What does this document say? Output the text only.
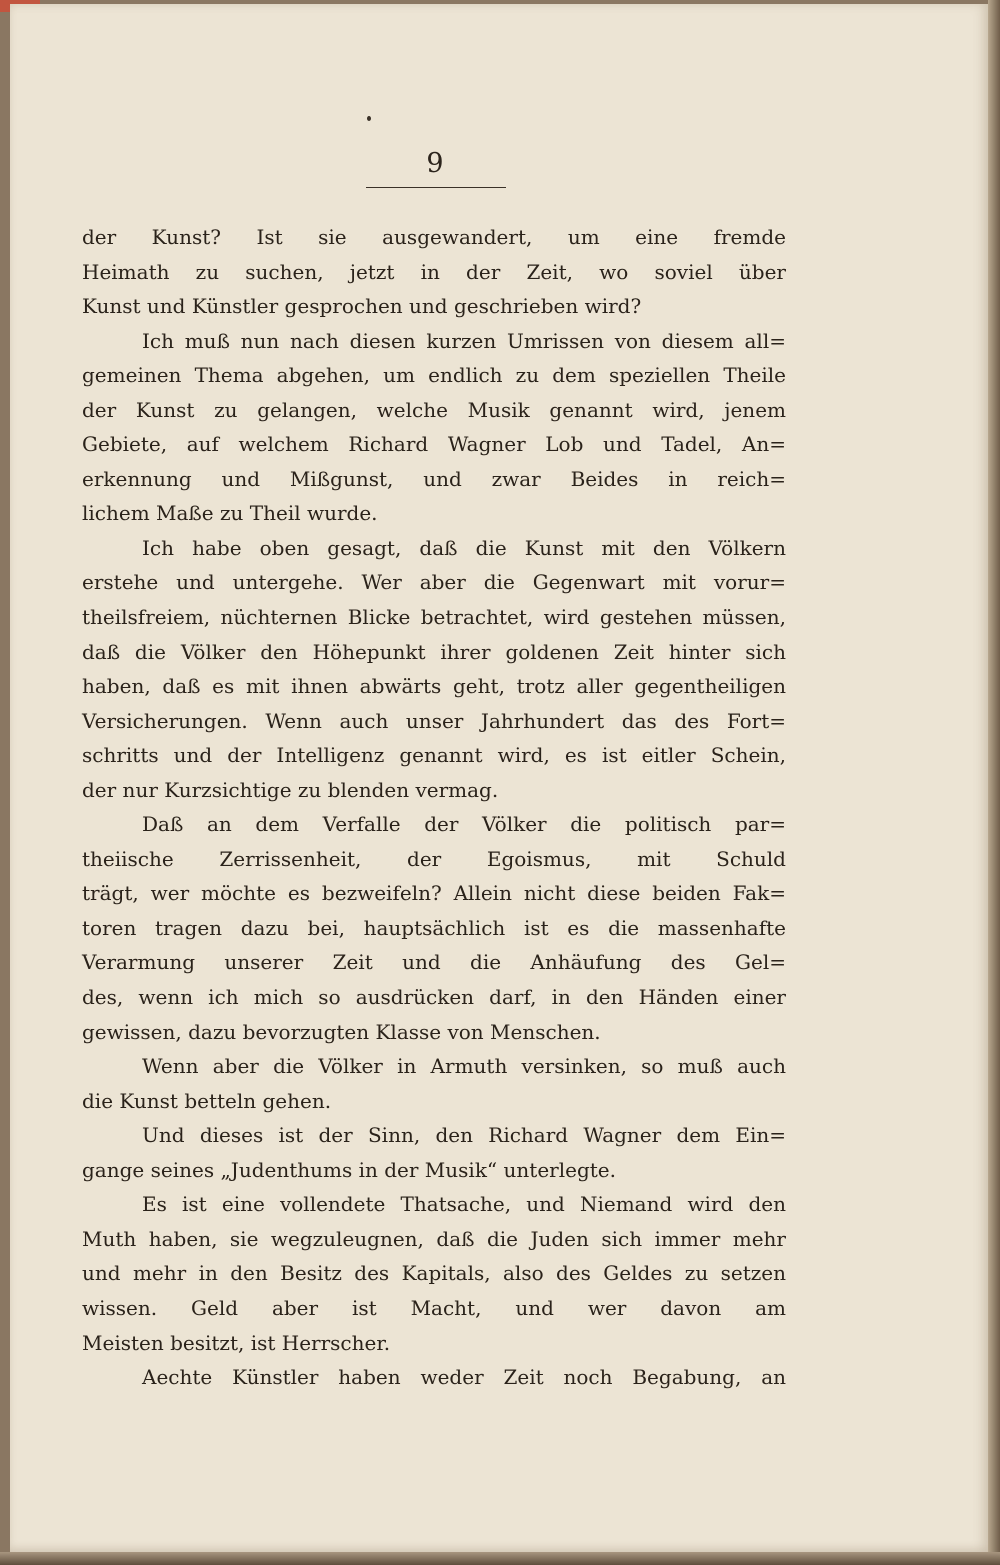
9
der Kunst? Ist sie ausgewandert, um eine fremde
Heimath zu suchen, jetzt in der Zeit, wo soviel über
Kunst und Künstler gesprochen und geschrieben wird?
Ich muß nun nach diesen kurzen Umrissen von diesem all=
gemeinen Thema abgehen, um endlich zu dem speziellen Theile
der Kunst zu gelangen, welche Musik genannt wird, jenem
Gebiete, auf welchem Richard Wagner Lob und Tadel, An=
erkennung und Mißgunst, und zwar Beides in reich=
lichem Maße zu Theil wurde.
Ich habe oben gesagt, daß die Kunst mit den Völkern
erstehe und untergehe. Wer aber die Gegenwart mit vorur=
theilsfreiem, nüchternen Blicke betrachtet, wird gestehen müssen,
daß die Völker den Höhepunkt ihrer goldenen Zeit hinter sich
haben, daß es mit ihnen abwärts geht, trotz aller gegentheiligen
Versicherungen. Wenn auch unser Jahrhundert das des Fort=
schritts und der Intelligenz genannt wird, es ist eitler Schein,
der nur Kurzsichtige zu blenden vermag.
Daß an dem Verfalle der Völker die politisch par=
theiische Zerrissenheit, der Egoismus, mit Schuld
trägt, wer möchte es bezweifeln? Allein nicht diese beiden Fak=
toren tragen dazu bei, hauptsächlich ist es die massenhafte
Verarmung unserer Zeit und die Anhäufung des Gel=
des, wenn ich mich so ausdrücken darf, in den Händen einer
gewissen, dazu bevorzugten Klasse von Menschen.
Wenn aber die Völker in Armuth versinken, so muß auch
die Kunst betteln gehen.
Und dieses ist der Sinn, den Richard Wagner dem Ein=
gange seines „Judenthums in der Musik“ unterlegte.
Es ist eine vollendete Thatsache, und Niemand wird den
Muth haben, sie wegzuleugnen, daß die Juden sich immer mehr
und mehr in den Besitz des Kapitals, also des Geldes zu setzen
wissen. Geld aber ist Macht, und wer davon am
Meisten besitzt, ist Herrscher.
Aechte Künstler haben weder Zeit noch Begabung, an
